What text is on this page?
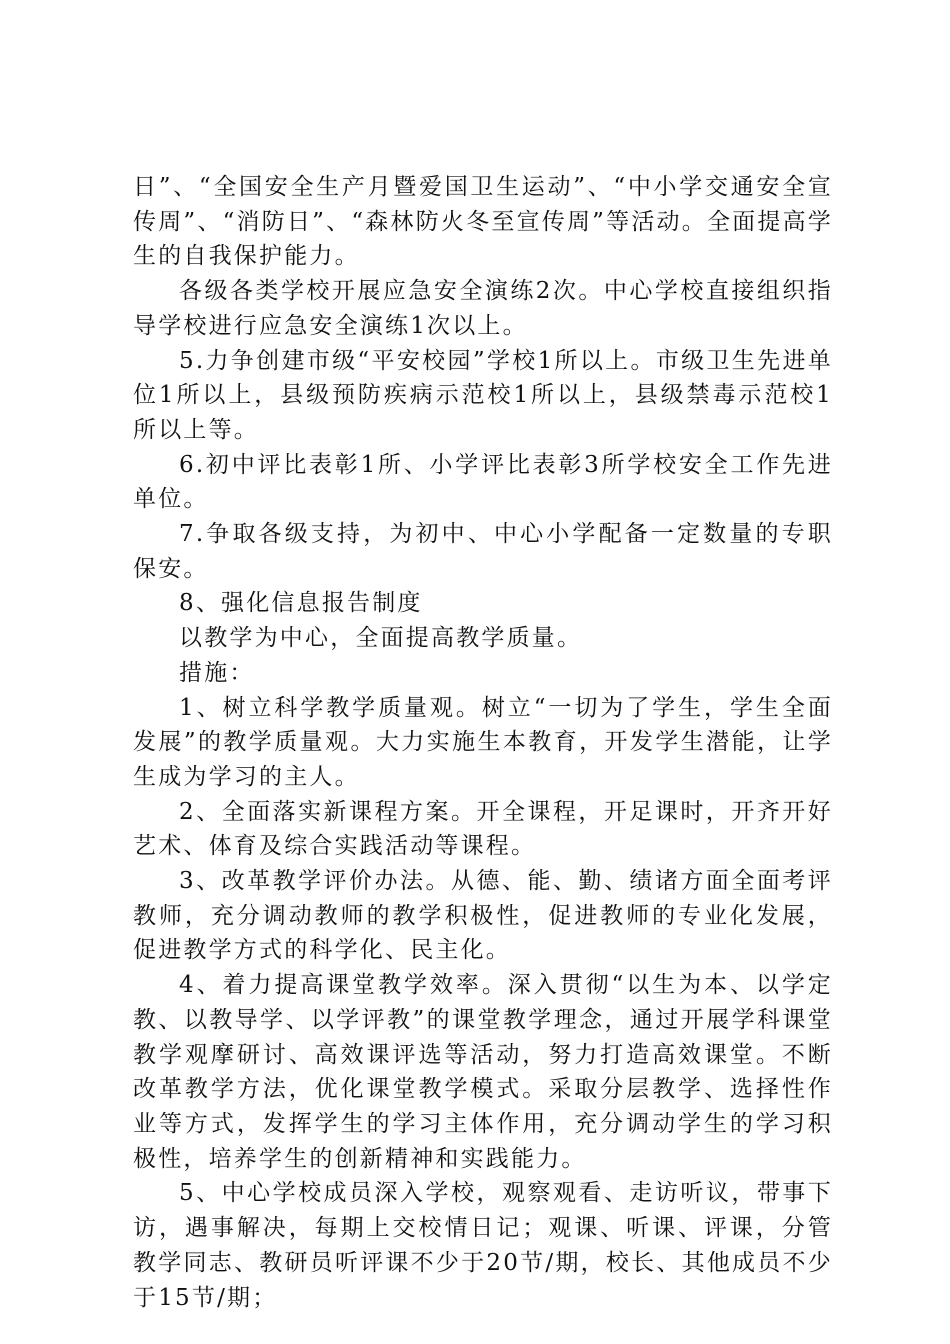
日”、“全国安全生产月暨爱国卫生运动”、“中小学交通安全宣传周”、“消防日”、“森林防火冬至宣传周”等活动。全面提高学生的自我保护能力。

各级各类学校开展应急安全演练2次。中心学校直接组织指导学校进行应急安全演练1次以上。

5.力争创建市级“平安校园”学校1所以上。市级卫生先进单位1所以上，县级预防疾病示范校1所以上，县级禁毒示范校1所以上等。

6.初中评比表彰1所、小学评比表彰3所学校安全工作先进单位。

7.争取各级支持，为初中、中心小学配备一定数量的专职保安。

8、强化信息报告制度

以教学为中心，全面提高教学质量。

措施：

1、树立科学教学质量观。树立“一切为了学生，学生全面发展”的教学质量观。大力实施生本教育，开发学生潜能，让学生成为学习的主人。

2、全面落实新课程方案。开全课程，开足课时，开齐开好艺术、体育及综合实践活动等课程。

3、改革教学评价办法。从德、能、勤、绩诸方面全面考评教师，充分调动教师的教学积极性，促进教师的专业化发展，促进教学方式的科学化、民主化。

4、着力提高课堂教学效率。深入贯彻“以生为本、以学定教、以教导学、以学评教”的课堂教学理念，通过开展学科课堂教学观摩研讨、高效课评选等活动，努力打造高效课堂。不断改革教学方法，优化课堂教学模式。采取分层教学、选择性作业等方式，发挥学生的学习主体作用，充分调动学生的学习积极性，培养学生的创新精神和实践能力。

5、中心学校成员深入学校，观察观看、走访听议，带事下访，遇事解决，每期上交校情日记；观课、听课、评课，分管教学同志、教研员听评课不少于20节/期，校长、其他成员不少于15节/期；
